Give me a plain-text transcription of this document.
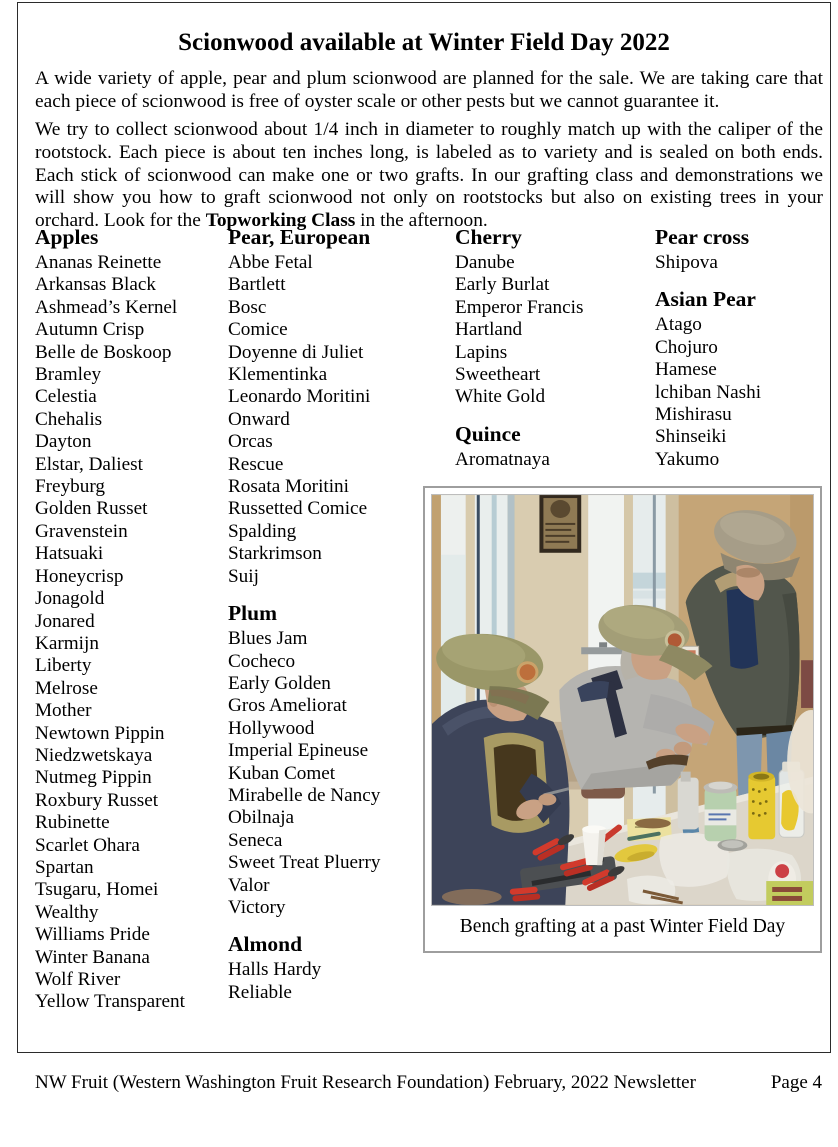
Scionwood available at Winter Field Day 2022

A wide variety of apple, pear and plum scionwood are planned for the sale. We are taking care that each piece of scionwood is free of oyster scale or other pests but we cannot guarantee it.

We try to collect scionwood about 1/4 inch in diameter to roughly match up with the caliper of the rootstock. Each piece is about ten inches long, is labeled as to variety and is sealed on both ends. Each stick of scionwood can make one or two grafts. In our grafting class and demonstrations we will show you how to graft scionwood not only on rootstocks but also on existing trees in your orchard. Look for the Topworking Class in the afternoon.

Apples
Ananas Reinette
Arkansas Black
Ashmead’s Kernel
Autumn Crisp
Belle de Boskoop
Bramley
Celestia
Chehalis
Dayton
Elstar, Daliest
Freyburg
Golden Russet
Gravenstein
Hatsuaki
Honeycrisp
Jonagold
Jonared
Karmijn
Liberty
Melrose
Mother
Newtown Pippin
Niedzwetskaya
Nutmeg Pippin
Roxbury Russet
Rubinette
Scarlet Ohara
Spartan
Tsugaru, Homei
Wealthy
Williams Pride
Winter Banana
Wolf River
Yellow Transparent
Pear, European
Abbe Fetal
Bartlett
Bosc
Comice
Doyenne di Juliet
Klementinka
Leonardo Moritini
Onward
Orcas
Rescue
Rosata Moritini
Russetted Comice
Spalding
Starkrimson
Suij
Plum
Blues Jam
Cocheco
Early Golden
Gros Ameliorat
Hollywood
Imperial Epineuse
Kuban Comet
Mirabelle de Nancy
Obilnaja
Seneca
Sweet Treat Pluerry
Valor
Victory
Almond
Halls Hardy
Reliable
Cherry
Danube
Early Burlat
Emperor Francis
Hartland
Lapins
Sweetheart
White Gold
Quince
Aromatnaya
Pear cross
Shipova
Asian Pear
Atago
Chojuro
Hamese
lchiban Nashi
Mishirasu
Shinseiki
Yakumo
Bench grafting at a past Winter Field Day
NW Fruit (Western Washington Fruit Research Foundation) February, 2022 Newsletter	Page 4
